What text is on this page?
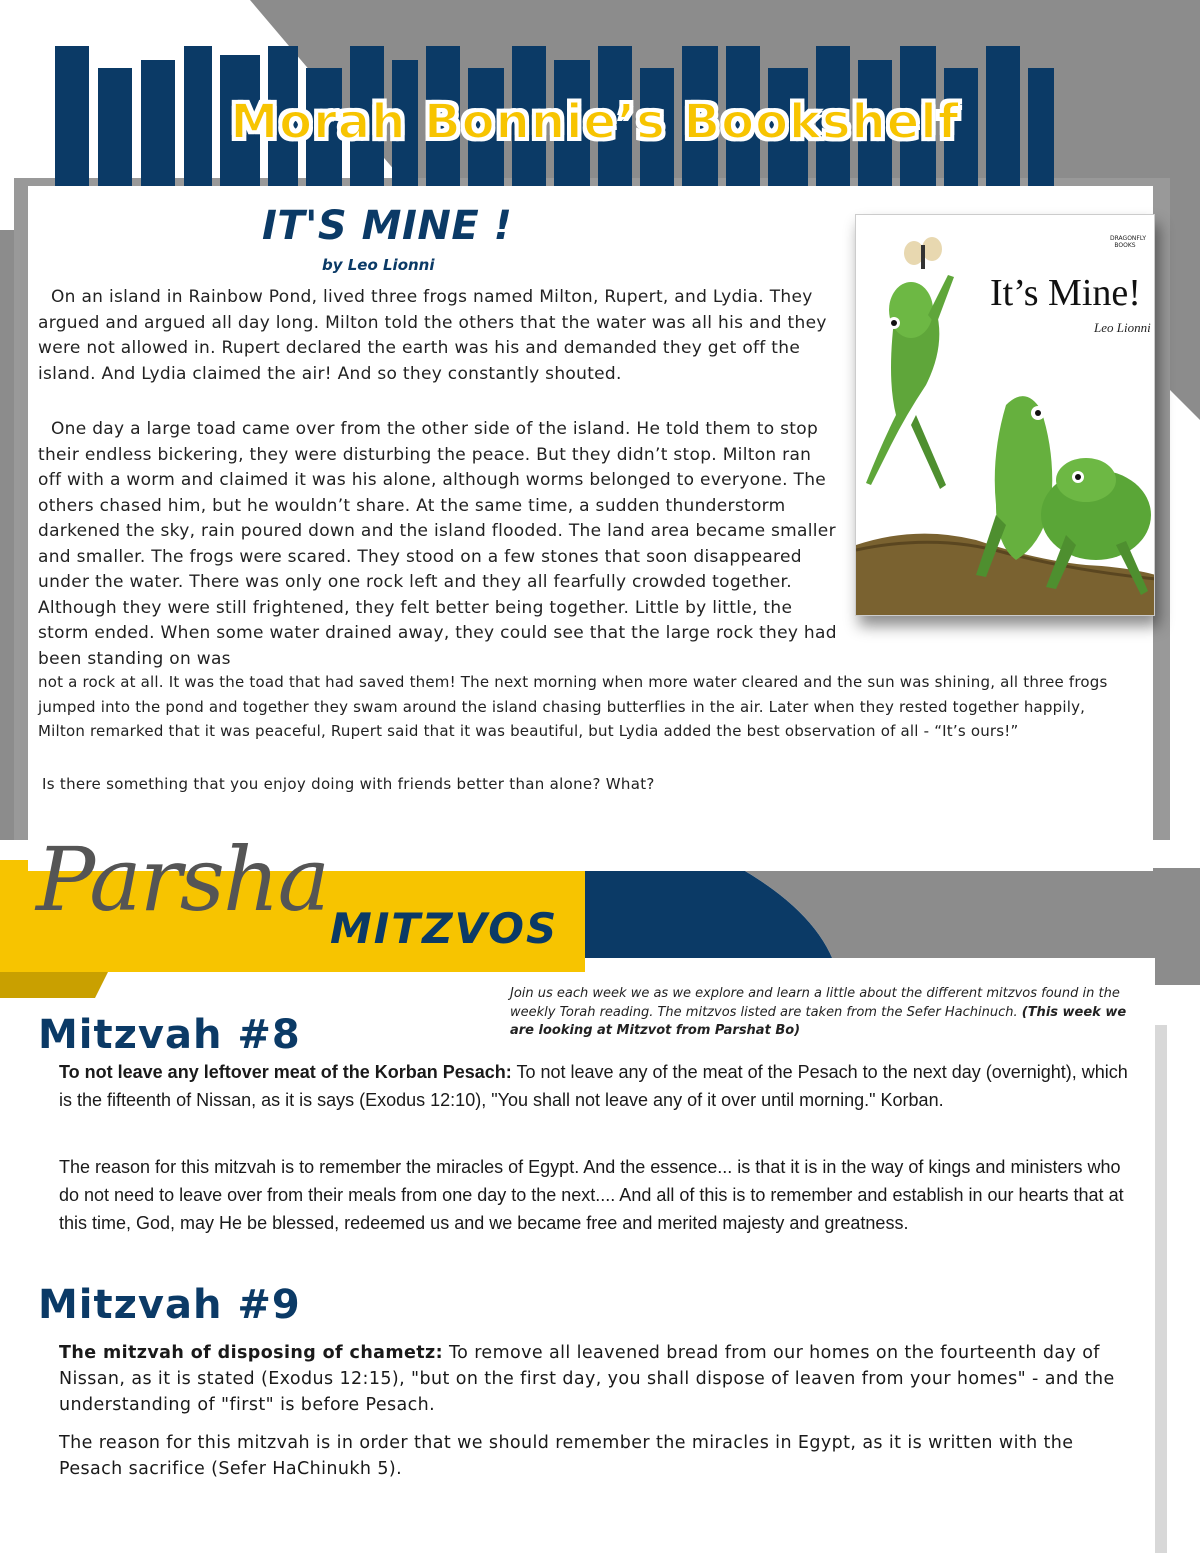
Morah Bonnie’s Bookshelf
IT'S MINE !
by Leo Lionni

On an island in Rainbow Pond, lived three frogs named Milton, Rupert, and Lydia. They argued and argued all day long. Milton told the others that the water was all his and they were not allowed in. Rupert declared the earth was his and demanded they get off the island. And Lydia claimed the air! And so they constantly shouted.

One day a large toad came over from the other side of the island. He told them to stop their endless bickering, they were disturbing the peace. But they didn’t stop. Milton ran off with a worm and claimed it was his alone, although worms belonged to everyone. The others chased him, but he wouldn’t share. At the same time, a sudden thunderstorm darkened the sky, rain poured down and the island flooded. The land area became smaller and smaller. The frogs were scared. They stood on a few stones that soon disappeared under the water. There was only one rock left and they all fearfully crowded together. Although they were still frightened, they felt better being together. Little by little, the storm ended. When some water drained away, they could see that the large rock they had been standing on was

not a rock at all. It was the toad that had saved them! The next morning when more water cleared and the sun was shining, all three frogs jumped into the pond and together they swam around the island chasing butterflies in the air. Later when they rested together happily, Milton remarked that it was peaceful, Rupert said that it was beautiful, but Lydia added the best observation of all - “It’s ours!”

Is there something that you enjoy doing with friends better than alone? What?

It’s Mine!
Leo Lionni
DRAGONFLY BOOKS
Parsha MITZVOS

Join us each week we as we explore and learn a little about the different mitzvos found in the weekly Torah reading. The mitzvos listed are taken from the Sefer Hachinuch. (This week we are looking at Mitzvot from Parshat Bo)

Mitzvah #8

To not leave any leftover meat of the Korban Pesach: To not leave any of the meat of the Pesach to the next day (overnight), which is the fifteenth of Nissan, as it is says (Exodus 12:10), "You shall not leave any of it over until morning." Korban.

The reason for this mitzvah is to remember the miracles of Egypt. And the essence... is that it is in the way of kings and ministers who do not need to leave over from their meals from one day to the next.... And all of this is to remember and establish in our hearts that at this time, God, may He be blessed, redeemed us and we became free and merited majesty and greatness.

Mitzvah #9

The mitzvah of disposing of chametz: To remove all leavened bread from our homes on the fourteenth day of Nissan, as it is stated (Exodus 12:15), "but on the first day, you shall dispose of leaven from your homes" - and the understanding of "first" is before Pesach.

The reason for this mitzvah is in order that we should remember the miracles in Egypt, as it is written with the Pesach sacrifice (Sefer HaChinukh 5).
